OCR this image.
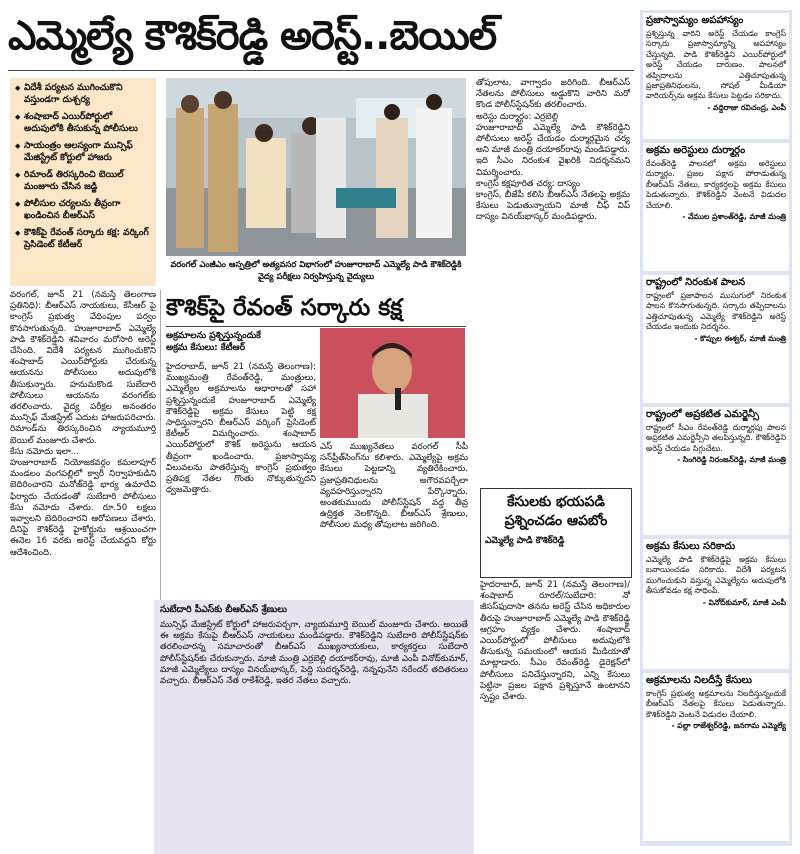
ఎమ్మెల్యే కౌశిక్‌రెడ్డి అరెస్ట్..బెయిల్
◆ విదేశీ పర్యటన ముగించుకొని వస్తుండగా దుశ్చర్య
◆ శంషాబాద్ ఎయిర్‌పోర్టులో అదుపులోకి తీసుకున్న పోలీసులు
◆ సాయంత్రం ఆలస్యంగా మున్సిఫ్ మేజిస్ట్రేట్ కోర్టులో హాజరు
◆ రిమాండ్ తిరస్కరించి బెయిల్ మంజూరు చేసిన జడ్జి
◆ పోలీసుల చర్యలను తీవ్రంగా ఖండించిన బీఆర్ఎస్
◆ కౌశిక్‌పై రేవంత్ సర్కారు కక్ష: వర్కింగ్ ప్రెసిడెంట్ కేటీఆర్
వరంగల్ ఎంజీఎం ఆస్పత్రిలో అత్యవసర విభాగంలో హుజూరాబాద్ ఎమ్మెల్యే పాడి కౌశిక్‌రెడ్డికి వైద్య పరీక్షలు నిర్వహిస్తున్న వైద్యులు
వరంగల్, జూన్ 21 (నమస్తే తెలంగాణ ప్రతినిధి): బీఆర్ఎస్ నాయకులు, కేసీఆర్ పై కాంగ్రెస్ ప్రభుత్వ వేధింపుల పర్వం కొనసాగుతున్నది. హుజూరాబాద్ ఎమ్మెల్యే పాడి కౌశిక్‌రెడ్డిని శనివారం మరోసారి అరెస్ట్ చేసింది. విదేశీ పర్యటన ముగించుకొని శంషాబాద్ ఎయిర్‌పోర్టుకు చేరుకున్న ఆయనను పోలీసులు అదుపులోకి తీసుకున్నారు. హనుమకొండ సుబేదారి పోలీసులు ఆయనను వరంగల్‌కు తరలించారు. వైద్య పరీక్షల అనంతరం మున్సిఫ్ మేజిస్ట్రేట్ ఎదుట హాజరుపరిచారు. రిమాండ్‌ను తిరస్కరించిన న్యాయమూర్తి బెయిల్ మంజూరు చేశారు.
కేసు నమోదు ఇలా...
హుజూరాబాద్ నియోజకవర్గం కమలాపూర్ మండలం వంగపల్లిలో క్వారీ నిర్వాహకుడిని బెదిరించారని మనోజ్‌రెడ్డి భార్య ఉమాదేవి ఫిర్యాదు చేయడంతో సుబేదారి పోలీసులు కేసు నమోదు చేశారు. రూ.50 లక్షలు ఇవ్వాలని బెదిరించారని ఆరోపణలు చేశారు. దీనిపై కౌశిక్‌రెడ్డి హైకోర్టును ఆశ్రయించగా ఈనెల 16 వరకు అరెస్ట్ చేయవద్దని కోర్టు ఆదేశించింది.
కౌశిక్‌పై రేవంత్ సర్కారు కక్ష
అక్రమాలను ప్రశ్నిస్తున్నందుకే
అక్రమ కేసులు: కేటీఆర్
హైదరాబాద్, జూన్ 21 (నమస్తే తెలంగాణ): ముఖ్యమంత్రి రేవంత్‌రెడ్డి, మంత్రులు, ఎమ్మెల్యేల అక్రమాలను ఆధారాలతో సహా ప్రశ్నిస్తున్నందుకే హుజూరాబాద్ ఎమ్మెల్యే కౌశిక్‌రెడ్డిపై అక్రమ కేసులు పెట్టి కక్ష సాధిస్తున్నారని బీఆర్ఎస్ వర్కింగ్ ప్రెసిడెంట్ కేటీఆర్ విమర్శించారు. శంషాబాద్ ఎయిర్‌పోర్టులో కౌశిక్ అరెస్టును ఆయన తీవ్రంగా ఖండించారు. ప్రజాస్వామ్య విలువలను పాతరేస్తున్న కాంగ్రెస్ ప్రభుత్వం ప్రతిపక్ష నేతల గొంతు నొక్కుతున్నదని ధ్వజమెత్తారు.
ఎస్ ముఖ్యనేతలు వరంగల్ సీపీ సన్‌ప్రీత్‌సింగ్‌ను కలిశారు. ఎమ్మెల్యేపై అక్రమ కేసులు పెట్టడాన్ని వ్యతిరేకించారు. ప్రజాప్రతినిధులను అగౌరవపర్చేలా వ్యవహరిస్తున్నారని పేర్కొన్నారు. అంతకుముందు పోలీస్‌స్టేషన్ వద్ద తీవ్ర ఉద్రిక్తత నెలకొన్నది. బీఆర్ఎస్ శ్రేణులు, పోలీసుల మధ్య తోపులాట జరిగింది.
తోపులాట, వాగ్వాదం జరిగింది. బీఆర్ఎస్ నేతలను పోలీసులు అడ్డుకొని వారిని మరో కొండ పోలీస్‌స్టేషన్‌కు తరలించారు.
అరెస్టు దుర్మార్గం: ఎర్రబెల్లి
హుజూరాబాద్ ఎమ్మెల్యే పాడి కౌశిక్‌రెడ్డిని పోలీసులు అరెస్ట్ చేయడం దుర్మార్గమైన చర్య అని మాజీ మంత్రి దయాకర్‌రావు మండిపడ్డారు. ఇది సీఎం నిరంకుశ వైఖరికి నిదర్శనమని విమర్శించారు.
కాంగ్రెస్ కక్షపూరిత చర్య: దాస్యం
కాంగ్రెస్, బీజేపీ కలిసి బీఆర్ఎస్ నేతలపై అక్రమ కేసులు పెడుతున్నాయని మాజీ చీఫ్ విప్ దాస్యం వినయ్‌భాస్కర్ మండిపడ్డారు.
కేసులకు భయపడి ప్రశ్నించడం ఆపబోం
ఎమ్మెల్యే పాడి కౌశిక్‌రెడ్డి
హైదరాబాద్, జూన్ 21 (నమస్తే తెలంగాణ)/శంషాబాద్ రూరల్/సుబేదారి: నో జీసస్‌ఫుదాసా తనను అరెస్ట్ చేసిన అధికారుల తీరుపై హుజూరాబాద్ ఎమ్మెల్యే పాడి కౌశిక్‌రెడ్డి ఆగ్రహం వ్యక్తం చేశారు. శంషాబాద్ ఎయిర్‌పోర్టులో పోలీసులు అదుపులోకి తీసుకున్న సమయంలో ఆయన మీడియాతో మాట్లాడారు. సీఎం రేవంత్‌రెడ్డి డైరెక్షన్‌లో పోలీసులు పనిచేస్తున్నారని, ఎన్ని కేసులు పెట్టినా ప్రజల పక్షాన ప్రశ్నిస్తూనే ఉంటానని స్పష్టం చేశారు.
సుబేదారి పీఎస్‌కు బీఆర్ఎస్ శ్రేణులు
మున్సిఫ్ మేజిస్ట్రేట్ కోర్టులో హాజరుపర్చగా, న్యాయమూర్తి బెయిల్ మంజూరు చేశారు. అయితే ఈ అక్రమ కేసుపై బీఆర్ఎస్ నాయకులు మండిపడ్డారు. కౌశిక్‌రెడ్డిని సుబేదారి పోలీస్‌స్టేషన్‌కు తరలించారన్న సమాచారంతో బీఆర్ఎస్ ముఖ్యనాయకులు, కార్యకర్తలు సుబేదారి పోలీస్‌స్టేషన్‌కు చేరుకున్నారు. మాజీ మంత్రి ఎర్రబెల్లి దయాకర్‌రావు, మాజీ ఎంపీ వినోద్‌కుమార్, మాజీ ఎమ్మెల్యేలు దాస్యం వినయ్‌భాస్కర్, పెద్ది సుదర్శన్‌రెడ్డి, నన్నపునేని నరేందర్ తదితరులు వచ్చారు. బీఆర్ఎస్ నేత రాకేశ్‌రెడ్డి, ఇతర నేతలు వచ్చారు.
ప్రజాస్వామ్యం అపహాస్యం
ప్రశ్నిస్తున్న వారిని అరెస్ట్ చేయడం కాంగ్రెస్ సర్కారు ప్రజాస్వామ్యాన్ని అపహాస్యం చేస్తున్నది. పాడి కౌశిక్‌రెడ్డిని ఎయిర్‌పోర్టులో అరెస్ట్ చేయడం దారుణం. పాలనలో తప్పిదాలను ఎత్తిచూపుతున్న ప్రజాప్రతినిధులను, సోషల్ మీడియా వారియర్స్‌ను అక్రమ కేసులు పెట్టడం సరికాదు.
- వద్దిరాజు రవిచంద్ర, ఎంపీ
అక్రమ అరెస్టులు దుర్మార్గం
రేవంత్‌రెడ్డి పాలనలో అక్రమ అరెస్టులు దుర్మార్గం. ప్రజల పక్షాన పోరాడుతున్న బీఆర్ఎస్ నేతలు, కార్యకర్తలపై అక్రమ కేసులు పెడుతున్నారు. కౌశిక్‌రెడ్డిని వెంటనే విడుదల చేయాలి.
- వేముల ప్రశాంత్‌రెడ్డి, మాజీ మంత్రి
రాష్ట్రంలో నిరంకుశ పాలన
రాష్ట్రంలో ప్రజాపాలన ముసుగులో నిరంకుశ పాలన కొనసాగుతున్నది. సర్కారు తప్పిదాలను ఎత్తిచూపుతున్న ఎమ్మెల్యే కౌశిక్‌రెడ్డిని అరెస్ట్ చేయడం ఇందుకు నిదర్శనం.
- కొప్పుల ఈశ్వర్, మాజీ మంత్రి
రాష్ట్రంలో అప్రకటిత ఎమర్జెన్సీ
రాష్ట్రంలో సీఎం రేవంత్‌రెడ్డి దుర్మార్గపు పాలన అప్రకటిత ఎమర్జెన్సీని తలపిస్తున్నది. కౌశిక్‌రెడ్డిని అరెస్ట్ చేయడం సిగ్గుచేటు.
- సింగిరెడ్డి నిరంజన్‌రెడ్డి, మాజీ మంత్రి
అక్రమ కేసులు సరికాదు
ఎమ్మెల్యే పాడి కౌశిక్‌రెడ్డిపై అక్రమ కేసులు బనాయించడం సరికాదు. విదేశీ పర్యటన ముగించుకుని వస్తున్న ఎమ్మెల్యేను అదుపులోకి తీసుకోవడం కక్ష సాధింపే.
- వినోద్‌కుమార్, మాజీ ఎంపీ
అక్రమాలను నిలదీస్తే కేసులు
కాంగ్రెస్ ప్రభుత్వ అక్రమాలను నిలదీస్తున్నందుకే బీఆర్ఎస్ నేతలపై కేసులు పెడుతున్నారు. కౌశిక్‌రెడ్డిని వెంటనే విడుదల చేయాలి.
- పల్లా రాజేశ్వర్‌రెడ్డి, జనగామ ఎమ్మెల్యే
